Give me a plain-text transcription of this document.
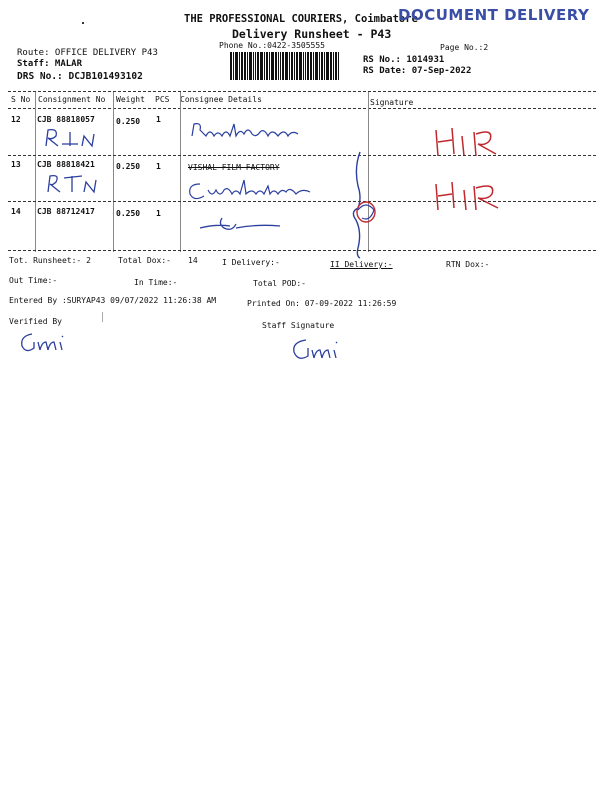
THE PROFESSIONAL COURIERS, Coimbatore
DOCUMENT DELIVERY
Delivery Runsheet - P43
Phone No.:0422-3505555	Page No.:2
Route: OFFICE DELIVERY P43
Staff: MALAR
DRS No.: DCJB101493102
RS No.: 1014931
RS Date: 07-Sep-2022
S No Consignment No Weight PCS Consignee Details	Signature
12 CJB 88818057	0.250 1
13 CJB 88818421	0.250 1	VISHAL FILM FACTORY
14 CJB 88712417	0.250 1
Tot. Runsheet:- 2	Total Dox:- 14	I Delivery:-	II Delivery:-	RTN Dox:-
Out Time:-	In Time:-	Total POD:-
Entered By :SURYAP43 09/07/2022 11:26:38 AM	Printed On: 07-09-2022 11:26:59
Verified By	Staff Signature
